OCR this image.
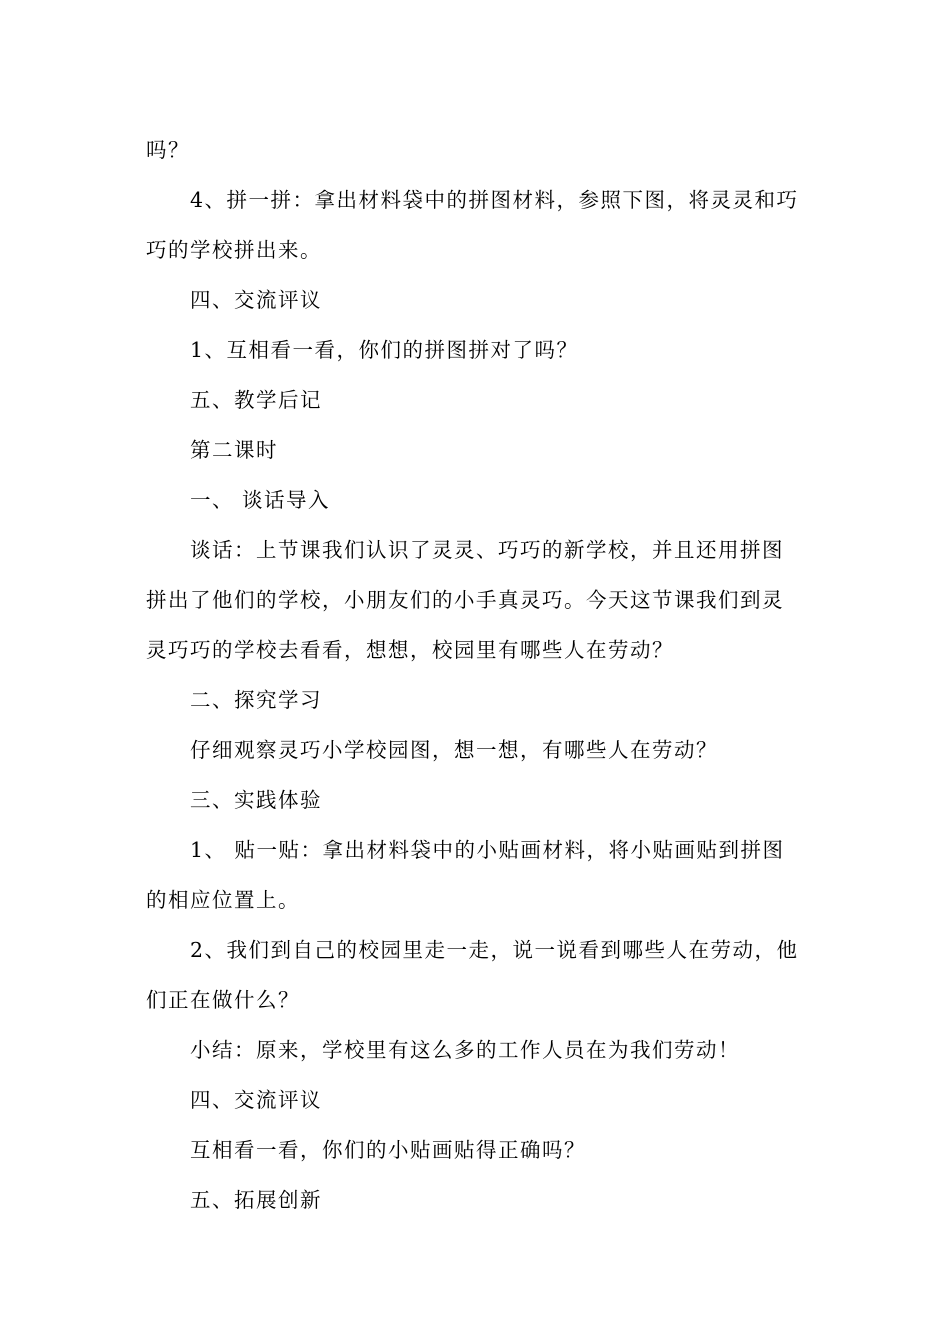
吗？
4、拼一拼：拿出材料袋中的拼图材料，参照下图，将灵灵和巧
巧的学校拼出来。
四、交流评议
1、互相看一看，你们的拼图拼对了吗？
五、教学后记
第二课时
一、 谈话导入
谈话：上节课我们认识了灵灵、巧巧的新学校，并且还用拼图
拼出了他们的学校，小朋友们的小手真灵巧。今天这节课我们到灵
灵巧巧的学校去看看，想想，校园里有哪些人在劳动？
二、探究学习
仔细观察灵巧小学校园图，想一想，有哪些人在劳动？
三、实践体验
1、 贴一贴：拿出材料袋中的小贴画材料，将小贴画贴到拼图
的相应位置上。
2、我们到自己的校园里走一走，说一说看到哪些人在劳动，他
们正在做什么？
小结：原来，学校里有这么多的工作人员在为我们劳动！
四、交流评议
互相看一看，你们的小贴画贴得正确吗？
五、拓展创新
